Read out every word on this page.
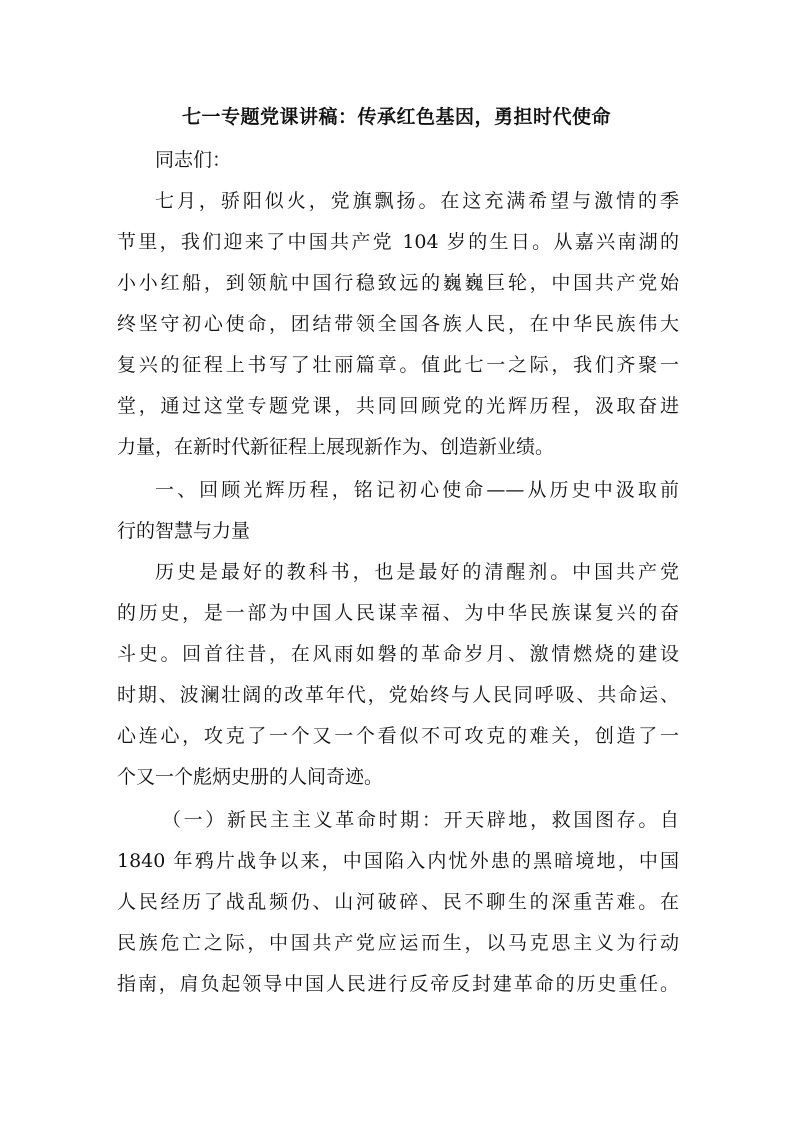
七一专题党课讲稿：传承红色基因，勇担时代使命
同志们：
七月，骄阳似火，党旗飘扬。在这充满希望与激情的季
节里，我们迎来了中国共产党 104 岁的生日。从嘉兴南湖的
小小红船，到领航中国行稳致远的巍巍巨轮，中国共产党始
终坚守初心使命，团结带领全国各族人民，在中华民族伟大
复兴的征程上书写了壮丽篇章。值此七一之际，我们齐聚一
堂，通过这堂专题党课，共同回顾党的光辉历程，汲取奋进
力量，在新时代新征程上展现新作为、创造新业绩。
一、回顾光辉历程，铭记初心使命——从历史中汲取前
行的智慧与力量
历史是最好的教科书，也是最好的清醒剂。中国共产党
的历史，是一部为中国人民谋幸福、为中华民族谋复兴的奋
斗史。回首往昔，在风雨如磐的革命岁月、激情燃烧的建设
时期、波澜壮阔的改革年代，党始终与人民同呼吸、共命运、
心连心，攻克了一个又一个看似不可攻克的难关，创造了一
个又一个彪炳史册的人间奇迹。
（一）新民主主义革命时期：开天辟地，救国图存。自
1840 年鸦片战争以来，中国陷入内忧外患的黑暗境地，中国
人民经历了战乱频仍、山河破碎、民不聊生的深重苦难。在
民族危亡之际，中国共产党应运而生，以马克思主义为行动
指南，肩负起领导中国人民进行反帝反封建革命的历史重任。
